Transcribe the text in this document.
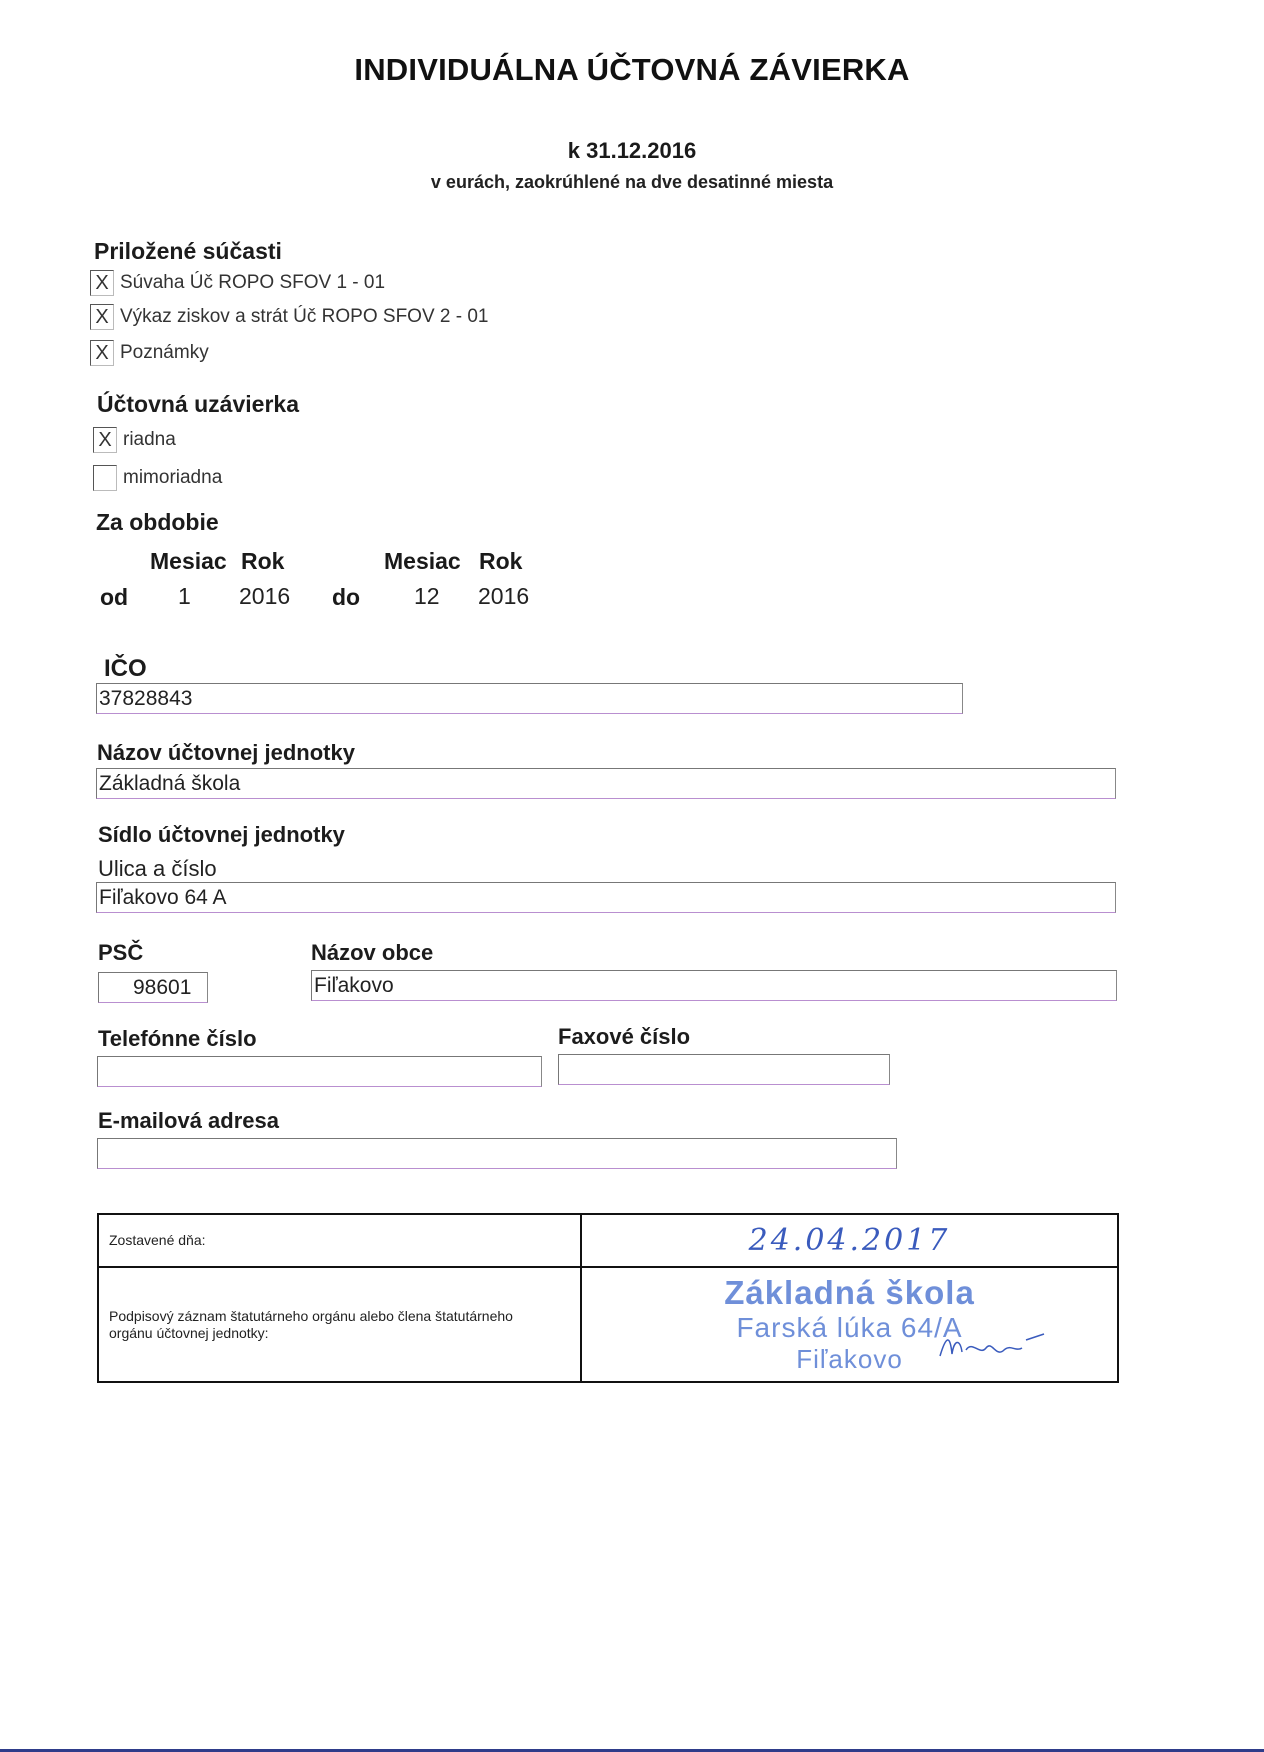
INDIVIDUÁLNA ÚČTOVNÁ ZÁVIERKA
k 31.12.2016
v eurách, zaokrúhlené na dve desatinné miesta
Priložené súčasti
X Súvaha Úč ROPO SFOV 1 - 01
X Výkaz ziskov a strát Úč ROPO SFOV 2 - 01
X Poznámky
Účtovná uzávierka
X riadna
mimoriadna
Za obdobie
Mesiac Rok	Mesiac Rok
od 1 2016 do 12 2016
IČO
37828843
Názov účtovnej jednotky
Základná škola
Sídlo účtovnej jednotky
Ulica a číslo
Fiľakovo 64 A
PSČ
98601
Názov obce
Fiľakovo
Telefónne číslo	Faxové číslo
E-mailová adresa
Zostavené dňa:	24.04.2017
Podpisový záznam štatutárneho orgánu alebo člena štatutárneho orgánu účtovnej jednotky:	Základná škola
Farská lúka 64/A
Fiľakovo
